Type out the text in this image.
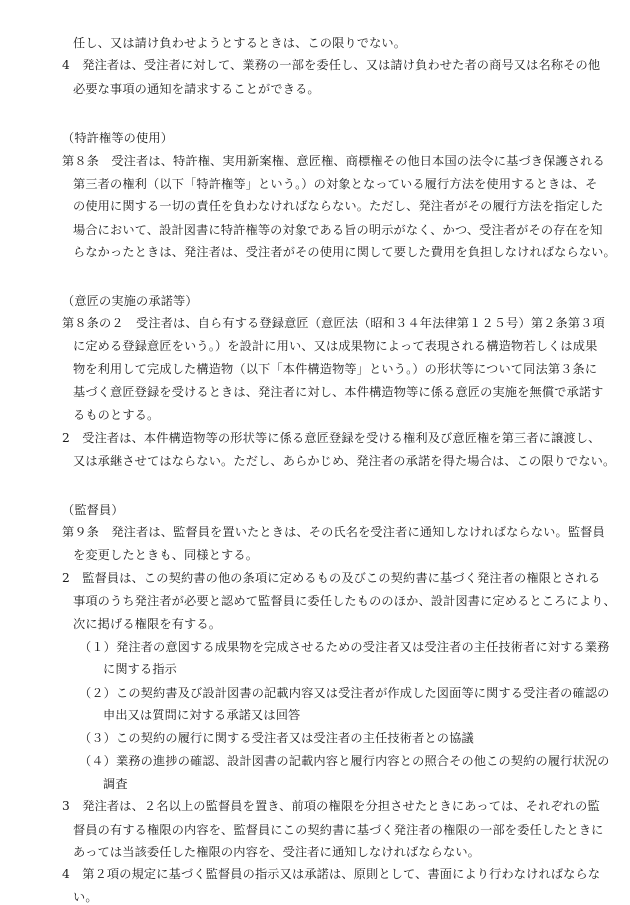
任し、又は請け負わせようとするときは、この限りでない。
4　発注者は、受注者に対して、業務の一部を委任し、又は請け負わせた者の商号又は名称その他
必要な事項の通知を請求することができる。
（特許権等の使用）
第８条　受注者は、特許権、実用新案権、意匠権、商標権その他日本国の法令に基づき保護される
第三者の権利（以下「特許権等」という。）の対象となっている履行方法を使用するときは、そ
の使用に関する一切の責任を負わなければならない。ただし、発注者がその履行方法を指定した
場合において、設計図書に特許権等の対象である旨の明示がなく、かつ、受注者がその存在を知
らなかったときは、発注者は、受注者がその使用に関して要した費用を負担しなければならない。
（意匠の実施の承諾等）
第８条の２　受注者は、自ら有する登録意匠（意匠法（昭和３４年法律第１２５号）第２条第３項
に定める登録意匠をいう。）を設計に用い、又は成果物によって表現される構造物若しくは成果
物を利用して完成した構造物（以下「本件構造物等」という。）の形状等について同法第３条に
基づく意匠登録を受けるときは、発注者に対し、本件構造物等に係る意匠の実施を無償で承諾す
るものとする。
2　受注者は、本件構造物等の形状等に係る意匠登録を受ける権利及び意匠権を第三者に譲渡し、
又は承継させてはならない。ただし、あらかじめ、発注者の承諾を得た場合は、この限りでない。
（監督員）
第９条　発注者は、監督員を置いたときは、その氏名を受注者に通知しなければならない。監督員
を変更したときも、同様とする。
2　監督員は、この契約書の他の条項に定めるもの及びこの契約書に基づく発注者の権限とされる
事項のうち発注者が必要と認めて監督員に委任したもののほか、設計図書に定めるところにより、
次に掲げる権限を有する。
（１）発注者の意図する成果物を完成させるための受注者又は受注者の主任技術者に対する業務
に関する指示
（２）この契約書及び設計図書の記載内容又は受注者が作成した図面等に関する受注者の確認の
申出又は質問に対する承諾又は回答
（３）この契約の履行に関する受注者又は受注者の主任技術者との協議
（４）業務の進捗の確認、設計図書の記載内容と履行内容との照合その他この契約の履行状況の
調査
3　発注者は、２名以上の監督員を置き、前項の権限を分担させたときにあっては、それぞれの監
督員の有する権限の内容を、監督員にこの契約書に基づく発注者の権限の一部を委任したときに
あっては当該委任した権限の内容を、受注者に通知しなければならない。
4　第２項の規定に基づく監督員の指示又は承諾は、原則として、書面により行わなければならな
い。
